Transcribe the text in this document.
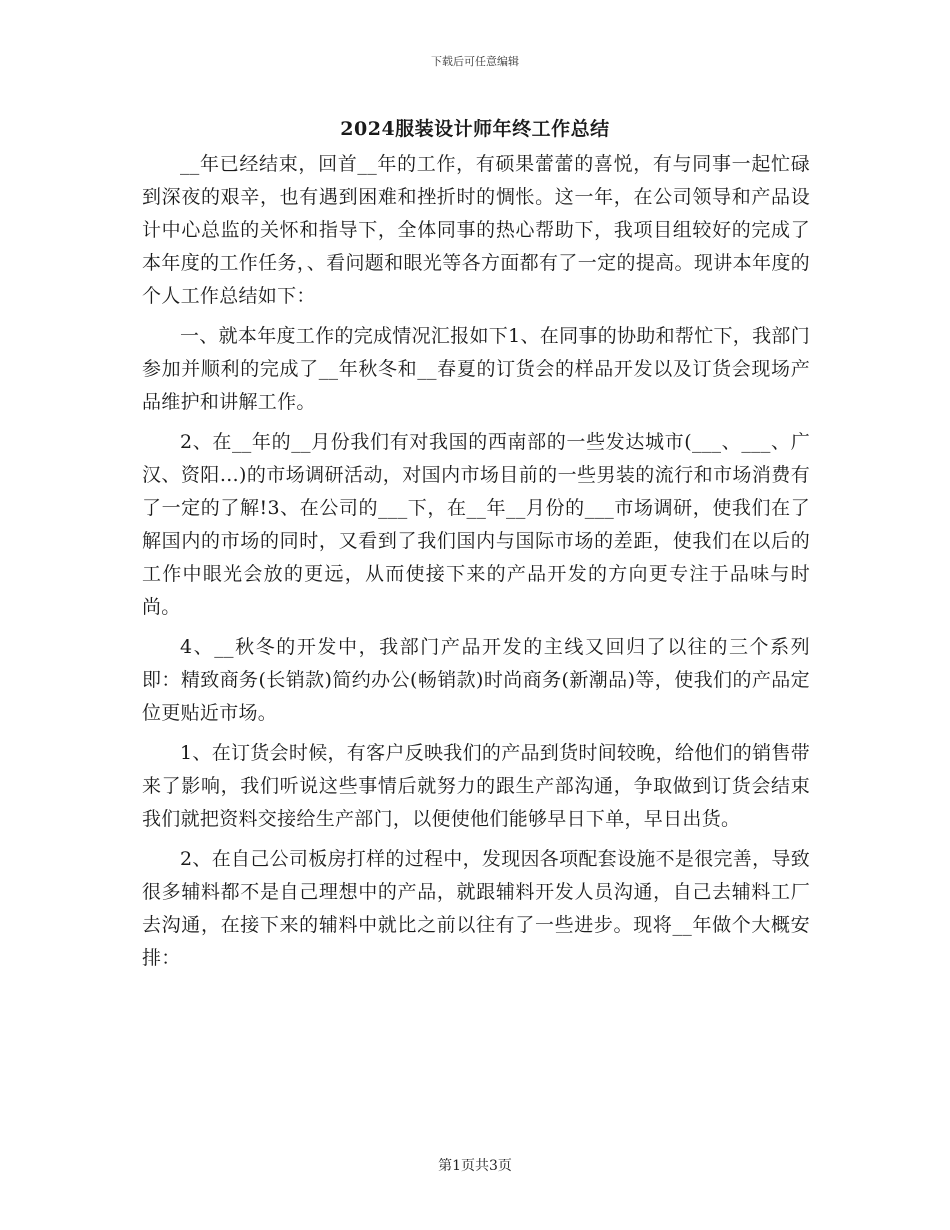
下载后可任意编辑
2024服装设计师年终工作总结

__年已经结束，回首__年的工作，有硕果蕾蕾的喜悦，有与同事一起忙碌到深夜的艰辛，也有遇到困难和挫折时的惆怅。这一年，在公司领导和产品设计中心总监的关怀和指导下，全体同事的热心帮助下，我项目组较好的完成了本年度的工作任务，、看问题和眼光等各方面都有了一定的提高。现讲本年度的个人工作总结如下：

一、就本年度工作的完成情况汇报如下1、在同事的协助和帮忙下，我部门参加并顺利的完成了__年秋冬和__春夏的订货会的样品开发以及订货会现场产品维护和讲解工作。

2、在__年的__月份我们有对我国的西南部的一些发达城市(___、___、广汉、资阳…)的市场调研活动，对国内市场目前的一些男装的流行和市场消费有了一定的了解!3、在公司的___下，在__年__月份的___市场调研，使我们在了解国内的市场的同时，又看到了我们国内与国际市场的差距，使我们在以后的工作中眼光会放的更远，从而使接下来的产品开发的方向更专注于品味与时尚。

4、__秋冬的开发中，我部门产品开发的主线又回归了以往的三个系列即：精致商务(长销款)简约办公(畅销款)时尚商务(新潮品)等，使我们的产品定位更贴近市场。

1、在订货会时候，有客户反映我们的产品到货时间较晚，给他们的销售带来了影响，我们听说这些事情后就努力的跟生产部沟通，争取做到订货会结束我们就把资料交接给生产部门，以便使他们能够早日下单，早日出货。

2、在自己公司板房打样的过程中，发现因各项配套设施不是很完善，导致很多辅料都不是自己理想中的产品，就跟辅料开发人员沟通，自己去辅料工厂去沟通，在接下来的辅料中就比之前以往有了一些进步。现将__年做个大概安排：

第1页共3页
